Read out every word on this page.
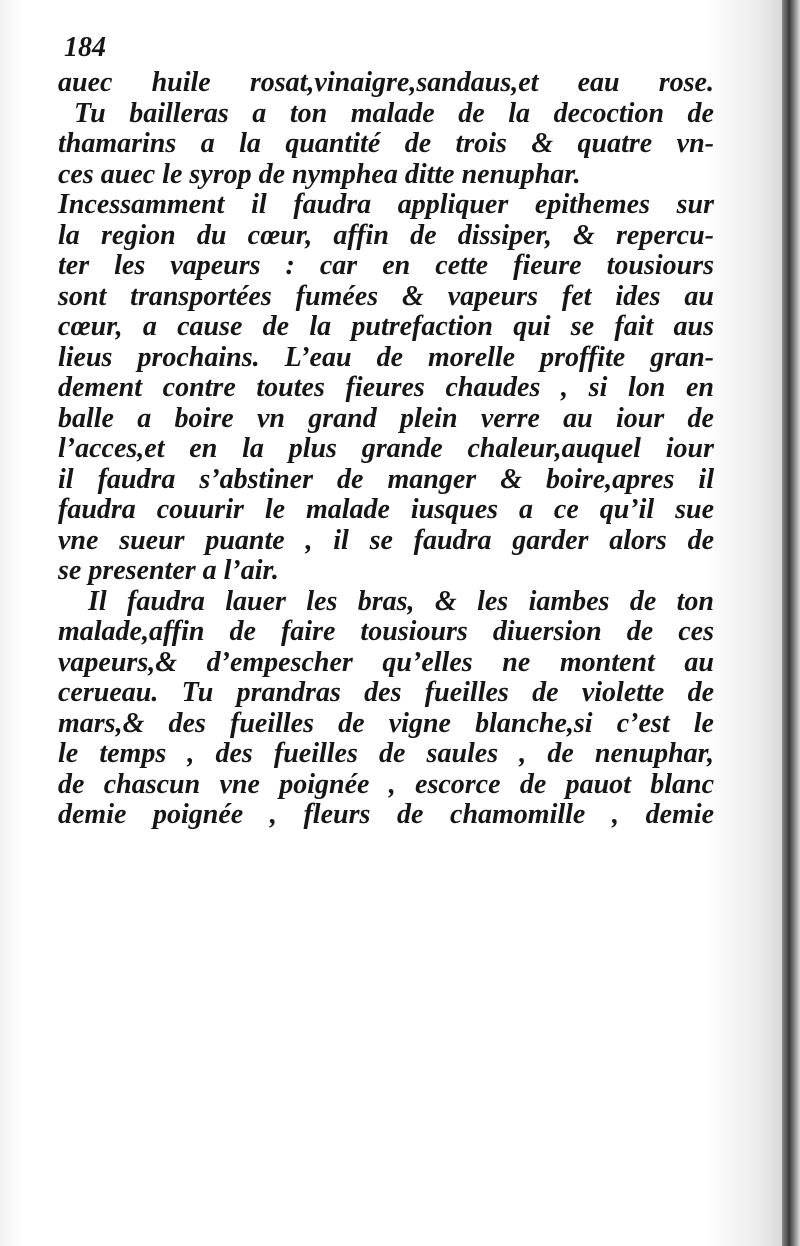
184
auec huile rosat,vinaigre,sandaus,et eau rose.
Tu bailleras a ton malade de la decoction de
thamarins a la quantité de trois & quatre vn-
ces auec le syrop de nymphea ditte nenuphar.
Incessamment il faudra appliquer epithemes sur
la region du cœur, affin de dissiper, & repercu-
ter les vapeurs : car en cette fieure tousiours
sont transportées fumées & vapeurs fet ides au
cœur, a cause de la putrefaction qui se fait aus
lieus prochains. L’eau de morelle proffite gran-
dement contre toutes fieures chaudes , si lon en
balle a boire vn grand plein verre au iour de
l’acces,et en la plus grande chaleur,auquel iour
il faudra s’abstiner de manger & boire,apres il
faudra couurir le malade iusques a ce qu’il sue
vne sueur puante , il se faudra garder alors de
se presenter a l’air.
Il faudra lauer les bras, & les iambes de ton
malade,affin de faire tousiours diuersion de ces
vapeurs,& d’empescher qu’elles ne montent au
cerueau. Tu prandras des fueilles de violette de
mars,& des fueilles de vigne blanche,si c’est le
le temps , des fueilles de saules , de nenuphar,
de chascun vne poignée , escorce de pauot blanc
demie poignée , fleurs de chamomille , demie
